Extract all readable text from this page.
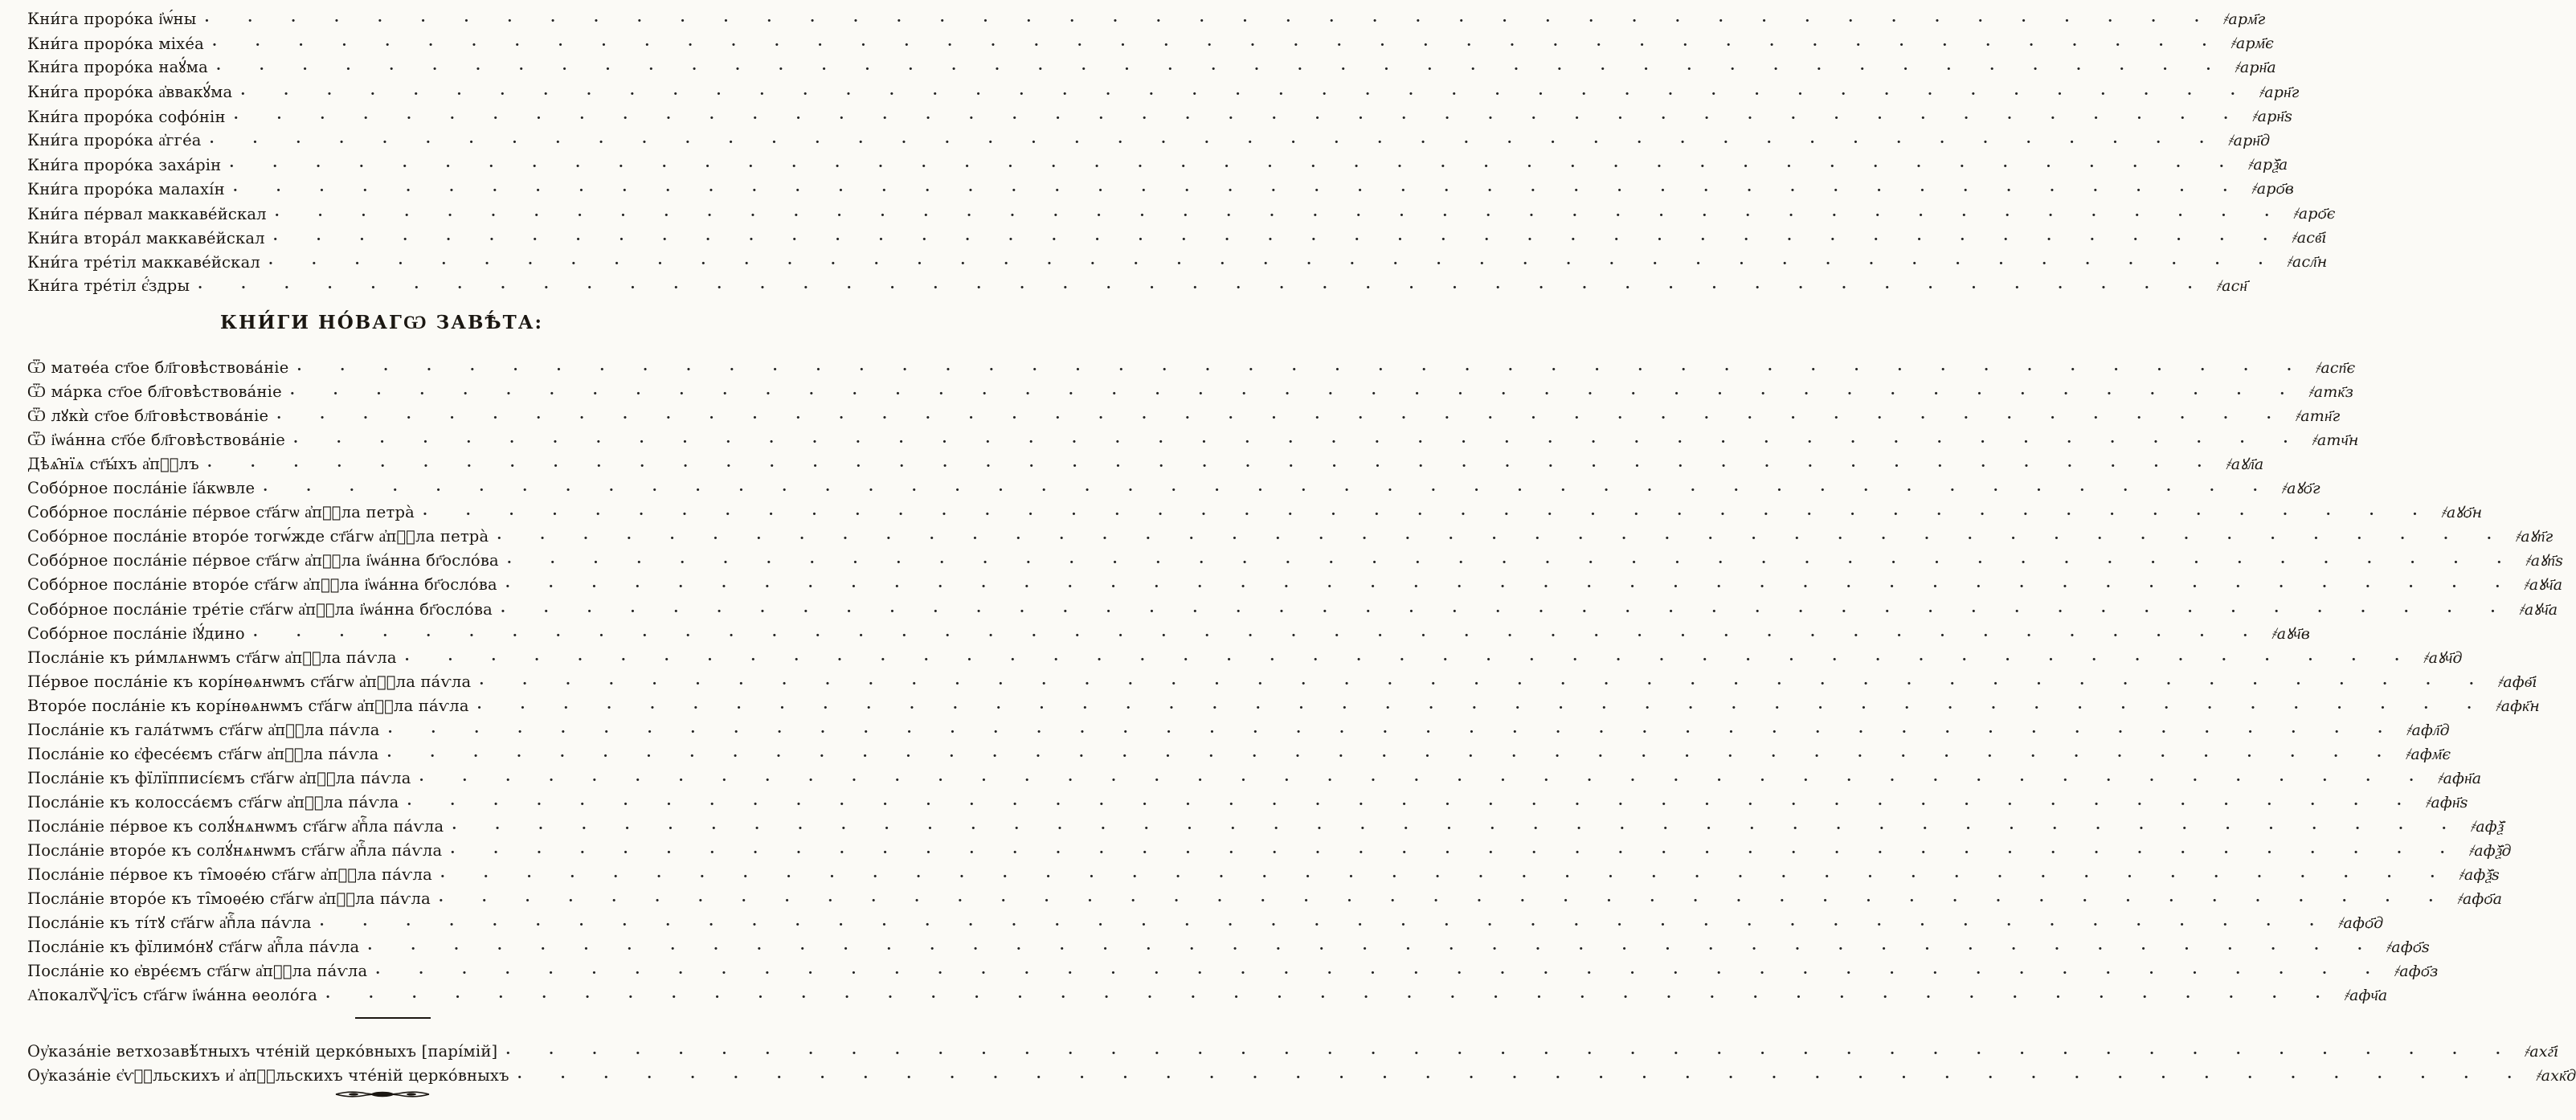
Кни́га проро́ка і҆ѡ́ны . . . . . . . . . . . . . . . . . . . . . . . . . . . . . . . . . . . . . . . . . . . . . . . ҂арм҃г
Кни́га проро́ка міхе́а . . . . . . . . . . . . . . . . . . . . . . . . . . . . . . . . . . . . . . . . . . . . . . . ҂арм҃є
Кни́га проро́ка наꙋ́ма . . . . . . . . . . . . . . . . . . . . . . . . . . . . . . . . . . . . . . . . . . . . . . . ҂арн҃а
Кни́га проро́ка а҆ввакꙋ́ма . . . . . . . . . . . . . . . . . . . . . . . . . . . . . . . . . . . . . . . . . . . . . . . ҂арн҃г
Кни́га проро́ка софо́нін . . . . . . . . . . . . . . . . . . . . . . . . . . . . . . . . . . . . . . . . . . . . . . . ҂арн҃ѕ
Кни́га проро́ка а҆гге́а . . . . . . . . . . . . . . . . . . . . . . . . . . . . . . . . . . . . . . . . . . . . . . . ҂арн҃д
Кни́га проро́ка заха́рін . . . . . . . . . . . . . . . . . . . . . . . . . . . . . . . . . . . . . . . . . . . . . . . ҂арѯ҃а
Кни́га проро́ка малахі́н . . . . . . . . . . . . . . . . . . . . . . . . . . . . . . . . . . . . . . . . . . . . . . . ҂арѻ҃в
Кни́га пе́рвал маккаве́йскал . . . . . . . . . . . . . . . . . . . . . . . . . . . . . . . . . . . . . . . . . . . . . . . ҂арѻ҃є
Кни́га втора́л маккаве́йскал . . . . . . . . . . . . . . . . . . . . . . . . . . . . . . . . . . . . . . . . . . . . . . . ҂асв҃і
Кни́га тре́тіл маккаве́йскал . . . . . . . . . . . . . . . . . . . . . . . . . . . . . . . . . . . . . . . . . . . . . . . ҂асл҃н
Кни́га тре́тіл є҆́здры . . . . . . . . . . . . . . . . . . . . . . . . . . . . . . . . . . . . . . . . . . . . . . . ҂асн҃
КНИ́ГИ НО́ВАГѠ ЗАВѢ́ТА:
Ѿ матѳе́а ст҃ое бл҃говѣствова́ніе . . . . . . . . . . . . . . . . . . . . . . . . . . . . . . . . . . . . . . . . . . . . . . . ҂асп҃є
Ѿ ма́рка ст҃ое бл҃говѣствова́ніе . . . . . . . . . . . . . . . . . . . . . . . . . . . . . . . . . . . . . . . . . . . . . . . ҂атк҃з
Ѿ лꙋкѝ ст҃ое бл҃говѣствова́ніе . . . . . . . . . . . . . . . . . . . . . . . . . . . . . . . . . . . . . . . . . . . . . . . ҂атн҃г
Ѿ і҆ѡа́нна ст҃о́е бл҃говѣствова́ніе . . . . . . . . . . . . . . . . . . . . . . . . . . . . . . . . . . . . . . . . . . . . . . . ҂атч҃н
Дѣѧ̑нїѧ ст҃ы́хъ а҆пⷭ҇лъ . . . . . . . . . . . . . . . . . . . . . . . . . . . . . . . . . . . . . . . . . . . . . . . ҂аꙋл҃а
Собо́рное посла́ніе і҆а́кѡвле . . . . . . . . . . . . . . . . . . . . . . . . . . . . . . . . . . . . . . . . . . . . . . . ҂аꙋѻ҃г
Собо́рное посла́ніе пе́рвое ст҃а́гѡ а҆пⷭ҇ла петра̀ . . . . . . . . . . . . . . . . . . . . . . . . . . . . . . . . . . . . . . . . . . . . . . . ҂аꙋѻ҃н
Собо́рное посла́ніе второ́е тогѡ́жде ст҃а́гѡ а҆пⷭ҇ла петра̀ . . . . . . . . . . . . . . . . . . . . . . . . . . . . . . . . . . . . . . . . . . . . . . . ҂аꙋп҃г
Собо́рное посла́ніе пе́рвое ст҃а́гѡ а҆пⷭ҇ла і҆ѡа́нна бг҃осло́ва . . . . . . . . . . . . . . . . . . . . . . . . . . . . . . . . . . . . . . . . . . . . . . . ҂аꙋп҃ѕ
Собо́рное посла́ніе второ́е ст҃а́гѡ а҆пⷭ҇ла і҆ѡа́нна бг҃осло́ва . . . . . . . . . . . . . . . . . . . . . . . . . . . . . . . . . . . . . . . . . . . . . . . ҂аꙋч҃а
Собо́рное посла́ніе тре́тіе ст҃а́гѡ а҆пⷭ҇ла і҆ѡа́нна бг҃осло́ва . . . . . . . . . . . . . . . . . . . . . . . . . . . . . . . . . . . . . . . . . . . . . . . ҂аꙋч҃а
Собо́рное посла́ніе і҆ꙋ́дино . . . . . . . . . . . . . . . . . . . . . . . . . . . . . . . . . . . . . . . . . . . . . . . ҂аꙋч҃в
Посла́ніе къ ри́млѧнѡмъ ст҃а́гѡ а҆пⷭ҇ла па́ѵла . . . . . . . . . . . . . . . . . . . . . . . . . . . . . . . . . . . . . . . . . . . . . . . ҂аꙋч҃д
Пе́рвое посла́ніе къ корі́нѳѧнѡмъ ст҃а́гѡ а҆пⷭ҇ла па́ѵла . . . . . . . . . . . . . . . . . . . . . . . . . . . . . . . . . . . . . . . . . . . . . . . ҂афѳ҃і
Второ́е посла́ніе къ корі́нѳѧнѡмъ ст҃а́гѡ а҆пⷭ҇ла па́ѵла . . . . . . . . . . . . . . . . . . . . . . . . . . . . . . . . . . . . . . . . . . . . . . . ҂афк҃н
Посла́ніе къ гала́тѡмъ ст҃а́гѡ а҆пⷭ҇ла па́ѵла . . . . . . . . . . . . . . . . . . . . . . . . . . . . . . . . . . . . . . . . . . . . . . . ҂афл҃д
Посла́ніе ко є҆фесе́ємъ ст҃а́гѡ а҆пⷭ҇ла па́ѵла . . . . . . . . . . . . . . . . . . . . . . . . . . . . . . . . . . . . . . . . . . . . . . . ҂афм҃є
Посла́ніе къ фїлїпписі́ємъ ст҃а́гѡ а҆пⷭ҇ла па́ѵла . . . . . . . . . . . . . . . . . . . . . . . . . . . . . . . . . . . . . . . . . . . . . . . ҂афн҃а
Посла́ніе къ колосса́ємъ ст҃а́гѡ а҆пⷭ҇ла па́ѵла . . . . . . . . . . . . . . . . . . . . . . . . . . . . . . . . . . . . . . . . . . . . . . . ҂афн҃ѕ
Посла́ніе пе́рвое къ солꙋ́нѧнѡмъ ст҃а́гѡ а҆пⷭ҇ла па́ѵла . . . . . . . . . . . . . . . . . . . . . . . . . . . . . . . . . . . . . . . . . . . . . . . ҂афѯ҃
Посла́ніе второ́е къ солꙋ́нѧнѡмъ ст҃а́гѡ а҆пⷭ҇ла па́ѵла . . . . . . . . . . . . . . . . . . . . . . . . . . . . . . . . . . . . . . . . . . . . . . . ҂афѯ҃д
Посла́ніе пе́рвое къ ті̑моѳе́ю ст҃а́гѡ а҆пⷭ҇ла па́ѵла . . . . . . . . . . . . . . . . . . . . . . . . . . . . . . . . . . . . . . . . . . . . . . . ҂афѯ҃ѕ
Посла́ніе второ́е къ ті̑моѳе́ю ст҃а́гѡ а҆пⷭ҇ла па́ѵла . . . . . . . . . . . . . . . . . . . . . . . . . . . . . . . . . . . . . . . . . . . . . . . ҂афѻ҃а
Посла́ніе къ ті́тꙋ ст҃а́гѡ а҆пⷭ҇ла па́ѵла . . . . . . . . . . . . . . . . . . . . . . . . . . . . . . . . . . . . . . . . . . . . . . . ҂афѻ҃д
Посла́ніе къ фїлимо́нꙋ ст҃а́гѡ а҆пⷭ҇ла па́ѵла . . . . . . . . . . . . . . . . . . . . . . . . . . . . . . . . . . . . . . . . . . . . . . . ҂афѻ҃ѕ
Посла́ніе ко е҆вре́ємъ ст҃а́гѡ а҆пⷭ҇ла па́ѵла . . . . . . . . . . . . . . . . . . . . . . . . . . . . . . . . . . . . . . . . . . . . . . . ҂афѻ҃з
А҆покалѷ́ѱїсъ ст҃а́гѡ і҆ѡа́нна ѳеоло́га . . . . . . . . . . . . . . . . . . . . . . . . . . . . . . . . . . . . . . . . . . . . . . . ҂афч҃а
Оу҆каза́ніе ветхозавѣ́тныхъ чте́ній церко́вныхъ [парі́мій] . . . . . . . . . . . . . . . . . . . . . . . . . . . . . . . . . . . . . . . . . . . . . . . ҂ахг҃і
Оу҆каза́ніе є҆ѵⷢ҇льскихъ и҆ а҆пⷭ҇льскихъ чте́ній церко́вныхъ . . . . . . . . . . . . . . . . . . . . . . . . . . . . . . . . . . . . . . . . . . . . . . . ҂ахк҃д
